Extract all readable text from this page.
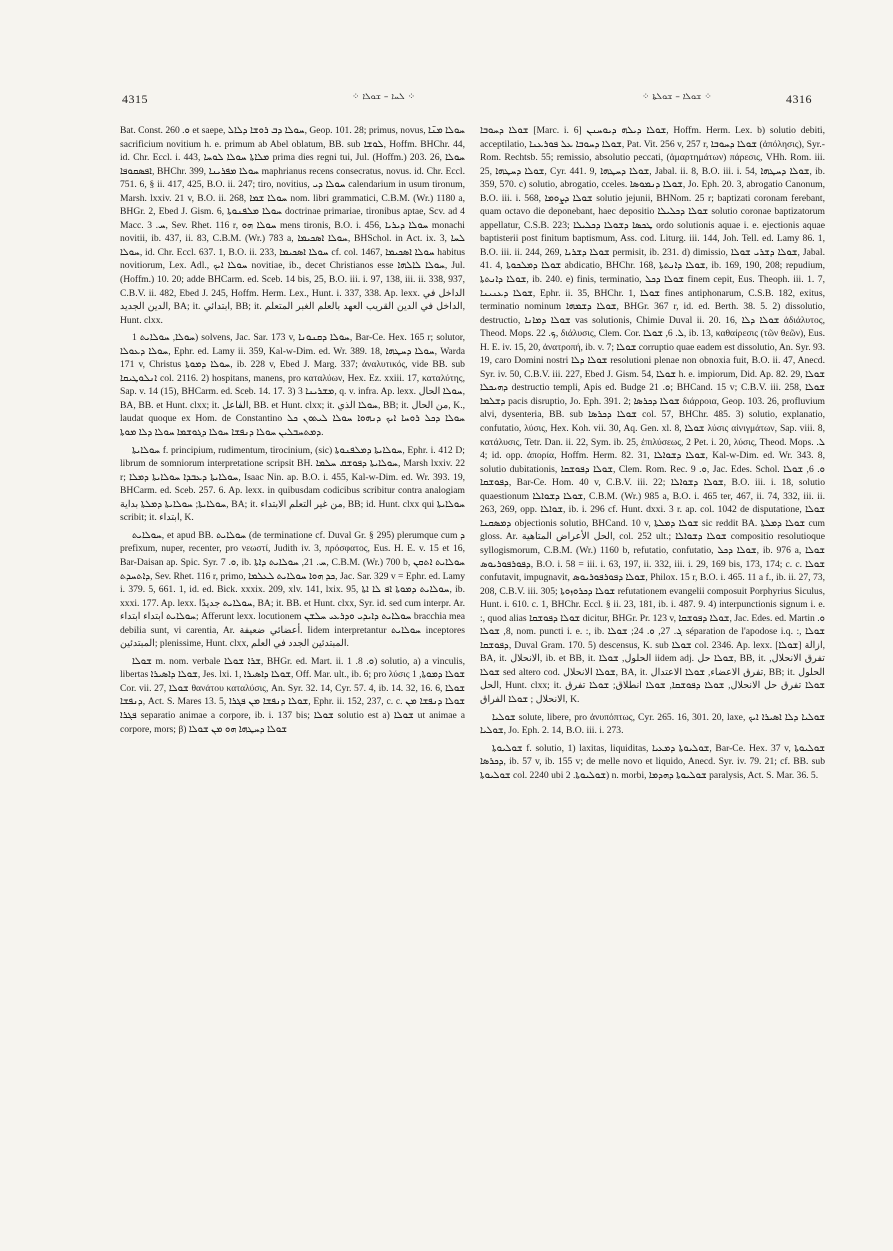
4315	⁘ ܠܚܐ – ܫܘܠܐ ⁘	⁘ ܫܘܠܐ – ܫܘܠܬܐ ⁘	4316

Bat. Const. ܘ. 260 et saepe, ܚܘܠܐ ܕܒ ܪܘܫܐ ܕܠܐܠ, Geop. 101. 28; primus, novus, ܚܘܠܐ ܡܢ̈ܐ sacrificium novitium h. e. primum ab Abel oblatum, BB. sub ܠܘܫܐ, Hoffm. BHChr. 44, id. Chr. Eccl. i. 443, ܡܠܐܬܐ ܚܘܠܐ ܠܘܚܐ prima dies regni tui, Jul. (Hoffm.) 203. 26, ܚܘܠܐ ܐܦܣܩܘܦܐ, BHChr. 399, ܚܘܠܐ ܡܦܪܝܢܐ maphrianus recens consecratus, novus. id. Chr. Eccl. 751. 6, § ii. 417, 425, B.O. ii. 247; tiro, novitius, ܚܘܠܐ ܕܝ calendarium in usum tironum, Marsh. lxxiv. 21 v, B.O. ii. 268, ܚܘܠܐ ܫܡܐ nom. libri grammatici, C.B.M. (Wr.) 1180 a, BHGr. 2, Ebed J. Gism. 6, ܚܘܠܐ ܡܠܦܢܘܬܐ doctrinae primariae, tironibus aptae, Scv. ad 4 Macc. ܚ. 3, Sev. Rhet. 116 r, ܚܘܠܐ ܗܘ mens tironis, B.O. i. 456, ܚܘܠܐ ܕܝܪܝܐ monachi novitii, ib. 437, ii. 83, C.B.M. (Wr.) 783 a, ܚܘܠܐ ܐܣܟܝܡܐ, BHSchol. in Act. ix. 3, ܠܚܐ ܚܘܠܐ, id. Chr. Eccl. 637. 1, B.O. ii. 233, ܚܘܠܐ ܐܣܟܝܡܐ cf. col. 1467, ܚܘܠܐ ܐܣܟܝܡܐ habitus novitiorum, Lex. Adl., ܚܘܠܐ ܐܝܟ novitiae, ib., decet Christianos esse ܚܘܠܐ ܠܐܠܗܐ, Jul. (Hoffm.) 10. 20; adde BHCarm. ed. Sceb. 14 bis, 25, B.O. iii. i. 97, 138, iii. ii. 338, 937, C.B.V. ii. 482, Ebed J. 245, Hoffm. Herm. Lex., Hunt. i. 337, 338. Ap. lexx. الداخل في الدين الجديد, BA; it. ابتدائي, BB; it. الداخل في الدين القريب العهد بالعلم الغبر المتعلم, Hunt. clxx.

ܚܘܠܐ, ܚܘܠܐܝܬ 1) solvens, Jac. Sar. 173 v, ܚܘܠܐ ܕܩܢܘܢܐ, Bar-Ce. Hex. 165 r; solutor, ܚܘܠܐ ܕܥܘܠܐ, Ephr. ed. Lamy ii. 359, Kal-w-Dim. ed. Wr. 389. 18, ܚܘܠܐ ܕܚܛܗܐ, Warda 171 v, Christus ܚܘܠܐ ܕܡܘܬܐ, ib. 228 v, Ebed J. Marg. 337; ἀναλυτικός, vide BB. sub ܐܢܠܘܛܝܩܐ col. 2116. 2) hospitans, manens, pro καταλύων, Hex. Ez. xxiii. 17, καταλύτης, Sap. v. 14 (15), BHCarm. ed. Sceb. 14. 17. 3) ܡܫܪܝܢܐ 3, q. v. infra. Ap. lexx. ܚܘܠܐ الحال, BA, BB. et Hunt. clxx; it. الفاعل, BB. et Hunt. clxx; it. ܚܘܠܐ الذي, BB; it. من الحال, K., laudat quoque ex Hom. de Constantino ܚܘܠܐ ܕܟܠ ܪܘܚܐ ܐܝܟ ܕܢܗܘܐ ܚܘܠܐ ܠܝܬܘܢ ܟܠ ܕܡܬܚܒܠܝܢ ܚܘܠܐ ܕܢܦܫܐ ܚܘܠܐ ܕܓܘܫܡܐ ܚܘܠܐ ܕܠܐ ܡܘܬܐ.

ܚܘܠܐܝܬܐ f. principium, rudimentum, tirocinium, (sic) ܚܘܠܐܝܬܐ ܕܡܠܦܢܘܬܐ, Ephr. i. 412 D; librum de somniorum interpretatione scripsit BH. ܚܘܠܐܝܬܐ ܕܦܘܫܩ ܚܠܡܐ, Marsh lxxiv. 22 r; ܚܘܠܐܝܬܐ ܕܥܒܕܐ ܚܘܠܐܝܬܐ ܕܡܠܐ, Isaac Nin. ap. B.O. i. 455, Kal-w-Dim. ed. Wr. 393. 19, BHCarm. ed. Sceb. 257. 6. Ap. lexx. in quibusdam codicibus scribitur contra analogiam ܚܘܠܐܝܬܐ; ܚܘܠܐܝܬܐ ܕܡܠܬܐ بداية, BA; it. من غير التعلم الابتداء, BB; id. Hunt. clxx qui ܚܘܠܐܝܬܐ scribit; it. ابتداء, K.

ܚܘܠܐܝܬ, et apud BB. ܚܘܠܐܝܬ (de terminatione cf. Duval Gr. § 295) plerumque cum ܕ prefixum, nuper, recenter, pro νεωστί, Judith iv. 3, πρόσφατος, Eus. H. E. v. 15 et 16, Bar-Daisan ap. Spic. Syr. ܘ. 7, ib. ܚ. 21, ܚܘܠܐܝܬ ܕܐܬܐ, C.B.M. (Wr.) 700 b, ܚܘܠܐܝܬ ܐܬܩܢ ܕܐܬܚܕܬ, Sev. Rhet. 116 r, primo, ܟܕ ܗܘܐ ܚܘܠܐܝܬ ܠܥܠܡܐ, Jac. Sar. 329 v = Ephr. ed. Lamy i. 379. 5, 661. 1, id. ed. Bick. xxxix. 209, xlv. 141, lxix. 95, ܚܘܠܐܝܬ ܕܡܘܬܐ ܐܦ ܠܐ ܐܬܐ, ib. xxxi. 177. Ap. lexx. ܚܘܠܐܝܬ جديدًا, BA; it. BB. et Hunt. clxx, Syr. id. sed cum interpr. Ar. ܚܘܠܐܝܬ ابتداء ابتداء; Afferunt lexx. locutionem ܚܘܠܐܝܬ ܕܐܝܕܝ ܘܕܪܥܝ ܚܠܫܢ bracchia mea debilia sunt, vi carentia, Ar. أعضائي ضعيفة. Iidem interpretantur ܚܘܠܐܝܬ inceptores المبتدئين; plenissime, Hunt. clxx, المبتدئين الجدد في العلم.

ܫܘܠܐ m. nom. verbale ܫܪܐ ܫܘܠܐ, BHGr. ed. Mart. ii. ܘ. 8. 1) solutio, a) a vinculis, libertas ܫܘܠܐ ܕܐܣܝܪܐ, Jes. lxi. 1, ܫܘܠܐ ܕܐܣܝܪܐ, Off. Mar. ult., ib. 6; pro λύσις ܫܘܠܐ ܕܡܘܬܐ, 1 Cor. vii. 27, ܫܘܠܐ θανάτου καταλύσις, An. Syr. 32. 14, Cyr. 57. 4, ib. 14. 32, 16. 6, ܫܘܠܐ ܕܢܦܫܐ, Act. S. Mares 13. 5, ܫܘܠܐ ܕܢܦܫܐ ܡܢ ܦܓܪܐ, Ephr. ii. 152, 237, c. c. ܫܘܠܐ ܕܢܦܫܐ ܡܢ ܦܓܪܐ separatio animae a corpore, ib. i. 137 bis; ܫܘܠܐ solutio est a) ܫܘܠܐ ut animae a corpore, mors; β) ܫܘܠܐ ܕܚܛܗܐ ܗܘ ܡܢ ܫܘܠܐ

ܫܘܠܐ ܕܚܘܒܐ [Marc. i. 6] ܫܘܠܐ ܕܝܠܗ ܕܝܘܚܢܢ, Hoffm. Herm. Lex. b) solutio debiti, acceptilatio, ܫܘܠܐ ܕܚܘܒܐ ܥܠ ܦܘܪܥܢܐ, Pat. Vit. 256 v, 257 r, ܫܘܠܐ ܕܚܘܒܐ (ἀπόλησις), Syr.-Rom. Rechtsb. 55; remissio, absolutio peccati, (ἁμαρτημάτων) πάρεσις, VHh. Rom. iii. 25, ܫܘܠܐ ܕܚܛܗܐ, Cyr. 441. 9, ܫܘܠܐ ܕܚܛܗܐ, Jabal. ii. 8, B.O. iii. i. 54, ܫܘܠܐ ܕܚܛܗܐ, ib. 359, 570. c) solutio, abrogatio, cceles. ܫܘܠܐ ܕܢܡܘܣܐ, Jo. Eph. 20. 3, abrogatio Canonum, B.O. iii. i. 568, ܫܘܠܐ ܕܨܘܡܐ solutio jejunii, BHNom. 25 r; baptizati coronam ferebant, quam octavo die deponebant, haec depositio ܫܘܠܐ ܕܟܠܝܠܐ solutio coronae baptizatorum appellatur, C.S.B. 223; ܛܟܣܐ ܕܫܘܠܐ ܕܟܠܝܠܐ ordo solutionis aquae i. e. ejectionis aquae baptisterii post finitum baptismum, Ass. cod. Liturg. iii. 144, Joh. Tell. ed. Lamy 86. 1, B.O. iii. ii. 244, 269, ܫܘܠܐ ܕܫܪܝܐ permisit, ib. 231. d) dimissio, ܫܘܠܐ ܕܫܪܝ ܫܘܠܐ, Jabal. 41. 4, ܫܘܠܐ ܕܡܠܟܘܬܐ abdicatio, BHChr. 168, ܫܘܠܐ ܕܐܢܬܬܐ, ib. 169, 190, 208; repudium, ܫܘܠܐ ܕܐܢܬܬܐ, ib. 240. e) finis, terminatio, ܫܘܠܐ ܕܟܠ finem cepit, Eus. Theoph. iii. 1. 7, ܫܘܠܐ ܕܥܢܝܢܐ, Ephr. ii. 35, BHChr. 1, ܫܘܠܐ fines antiphonarum, C.S.B. 182, exitus, terminatio nominum ܫܘܠܐ ܕܫܡܗܐ, BHGr. 367 r, id. ed. Berth. 38. 5. 2) dissolutio, destructio, ܫܘܠܐ ܕܡܐܢܐ vas solutionis, Chimie Duval ii. 20. 16, ܫܘܠܐ ܕܠܐ ἀδιάλυτος, Theod. Mops. ܟ. 22, διάλυσις, Clem. Cor. ܠ. 6, ܫܘܠܐ, ib. 13, καθαίρεσις (τῶν θεῶν), Eus. H. E. iv. 15, 20, ἀνατροπή, ib. v. 7; ܫܘܠܐ corruptio quae eadem est dissolutio, An. Syr. 93. 19, caro Domini nostri ܫܘܠܐ ܕܠܐ resolutioni plenae non obnoxia fuit, B.O. ii. 47, Anecd. Syr. iv. 50, C.B.V. iii. 227, Ebed J. Gism. 54, ܫܘܠܐ h. e. impiorum, Did. Ap. 82. 29, ܫܘܠܐ ܕܗܝܟܠܐ destructio templi, Apis ed. Budge ܘ. 21; BHCand. 15 v; C.B.V. iii. 258, ܫܘܠܐ ܕܫܠܡܐ pacis disruptio, Jo. Eph. 391. 2; ܫܘܠܐ ܕܟܪܣܐ διάρροια, Geop. 103. 26, profluvium alvi, dysenteria, BB. sub ܫܘܠܐ ܕܟܪܣܐ col. 57, BHChr. 485. 3) solutio, explanatio, confutatio, λύσις, Hex. Koh. vii. 30, Aq. Gen. xl. 8, ܫܘܠܐ λύσις αἰνιγμάτων, Sap. viii. 8, κατάλυσις, Tetr. Dan. ii. 22, Sym. ib. 25, ἐπιλύσεως, 2 Pet. i. 20, λύσις, Theod. Mops. ܠ. 4; id. opp. ἀπορία, Hoffm. Herm. 82. 31, ܫܘܠܐ ܕܫܘܐܠܐ, Kal-w-Dim. ed. Wr. 343. 8, solutio dubitationis, ܫܘܠܐ ܕܦܘܫܩܐ, Clem. Rom. Rec. ܘ. 9, Jac. Edes. Schol. ܘ. 6, ܫܘܠܐ ܕܦܘܫܩܐ, Bar-Ce. Hom. 40 v, C.B.V. iii. 22; ܫܘܠܐ ܕܫܘܐܠܐ, B.O. iii. i. 18, solutio quaestionum ܫܘܠܐ ܕܫܘܐܠܐ, C.B.M. (Wr.) 985 a, B.O. i. 465 ter, 467, ii. 74, 332, iii. ii. 263, 269, opp. ܫܘܐܠܐ, ib. i. 296 cf. Hunt. dxxi. 3 r. ap. col. 1042 de disputatione, ܫܘܠܐ ܕܡܣܩܢܐ objectionis solutio, BHCand. 10 v, ܫܘܠܐ ܕܡܠܬܐ sic reddit BA. ܫܘܠܐ ܕܡܠܬܐ cum gloss. Ar. الحل الأعراض المتاهية, col. 252 ult.; ܫܘܠܐ ܕܫܘܐܠܐ compositio resolutioque syllogismorum, C.B.M. (Wr.) 1160 b, refutatio, confutatio, ܫܘܠܐ ܕܟܠ, ib. 976 a, ܫܘܠܐ ܕܦܘܪܦܘܪܝܘܣ, B.O. i. 58 = iii. i. 63, 197, ii. 332, iii. i. 29, 169 bis, 173, 174; c. c. ܫܘܠܐ confutavit, impugnavit, ܫܘܠܐ ܕܦܘܪܦܘܪܝܘܣ, Philox. 15 r, B.O. i. 465. 11 a f., ib. ii. 27, 73, 208, C.B.V. iii. 305; ܫܘܠܐ ܕܟܪܘܙܘܬܐ refutationem evangelii composuit Porphyrius Siculus, Hunt. i. 610. c. 1, BHChr. Eccl. § ii. 23, 181, ib. i. 487. 9. 4) interpunctionis signum i. e. :, quod alias ܫܘܠܐ ܕܦܘܫܩܐ dicitur, BHGr. Pr. 123 v, ܫܘܠܐ ܕܦܘܫܩܐ, Jac. Edes. ed. Martin ܘ. 8, ܫܘܠܐ, nom. puncti i. e. :, ib. ܓ. 27, ܘ. 24; ܫܘܠܐ séparation de l'apodose i.q. :, ܫܘܠܐ ܕܦܘܫܩܐ, Duval Gram. 170. 5) descensus, K. sub ܫܘܠܐ col. 2346. Ap. lexx. [ܫܘܠܐ] ازالة, BA, it. الانحلال, ib. et BB, it. الحلول, ܫܘܠܐ iidem adj. ܫܘܠܐ حل, BB, it. تفرق الانحلال, ܫܘܠܐ sed altero cod. ܫܘܠܐ الانحلال, BA, it. تفرق الاعضاء, ܫܘܠܐ الاعتدال, BB; it. الحلول الحل, Hunt. clxx; it. ܫܘܠܐ تفرق حل الانحلال, ܫܘܠܐ ܕܦܘܫܩܐ, ܫܘܠܐ انطلاق; ܫܘܠܐ تفرق الانحلال ; ܫܘܠܐ الفراق, K.

ܫܘܠܝܐ solute, libere, pro ἀνυπόπτως, Cyr. 265. 16, 301. 20, laxe, ܫܘܠܝܐ ܕܠܐ ܐܣܝܪܐ ܐܝܟ ܫܘܠܝܐ, Jo. Eph. 2. 14, B.O. iii. i. 273.

ܫܘܠܝܘܬܐ f. solutio, 1) laxitas, liquiditas, ܫܘܠܝܘܬܐ ܕܡܥܝܐ, Bar-Ce. Hex. 37 v, ܫܘܠܝܘܬܐ ܕܟܪܣܐ, ib. 57 v, ib. 155 v; de melle novo et liquido, Anecd. Syr. iv. 79. 21; cf. BB. sub ܫܘܠܝܘܬܐ col. 2240 ubi ܫܘܠܝܘܬܐ. 2) n. morbi, ܫܘܠܝܘܬܐ ܕܗܕܡܐ paralysis, Act. S. Mar. 36. 5.
